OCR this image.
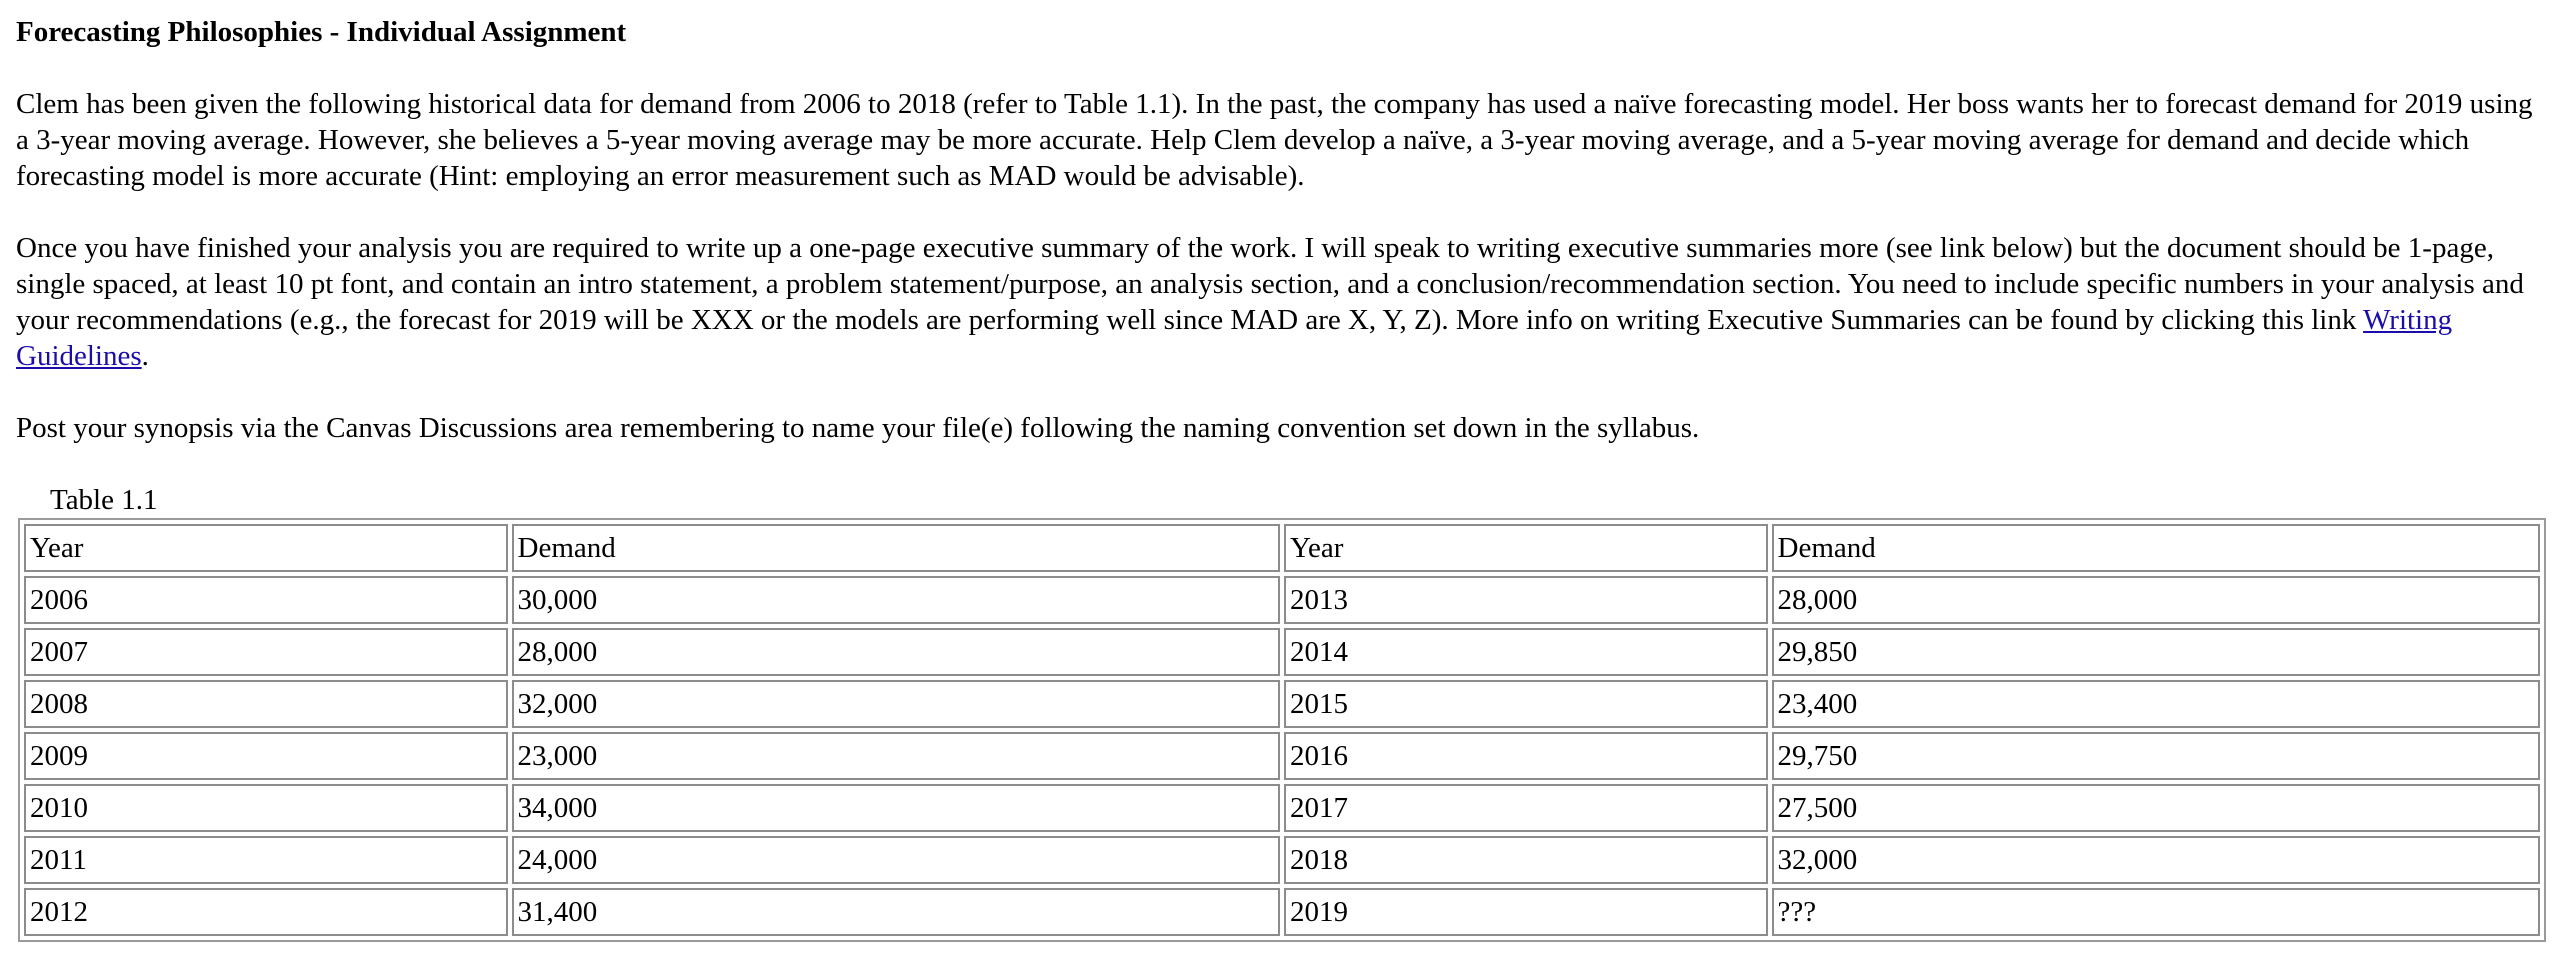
Forecasting Philosophies - Individual Assignment

Clem has been given the following historical data for demand from 2006 to 2018 (refer to Table 1.1). In the past, the company has used a naïve forecasting model. Her boss wants her to forecast demand for 2019 using a 3-year moving average. However, she believes a 5-year moving average may be more accurate. Help Clem develop a naïve, a 3-year moving average, and a 5-year moving average for demand and decide which forecasting model is more accurate (Hint: employing an error measurement such as MAD would be advisable).

Once you have finished your analysis you are required to write up a one-page executive summary of the work. I will speak to writing executive summaries more (see link below) but the document should be 1-page, single spaced, at least 10 pt font, and contain an intro statement, a problem statement/purpose, an analysis section, and a conclusion/recommendation section. You need to include specific numbers in your analysis and your recommendations (e.g., the forecast for 2019 will be XXX or the models are performing well since MAD are X, Y, Z). More info on writing Executive Summaries can be found by clicking this link Writing Guidelines.

Post your synopsis via the Canvas Discussions area remembering to name your file(e) following the naming convention set down in the syllabus.

Table 1.1
Year	Demand	Year	Demand
2006	30,000	2013	28,000
2007	28,000	2014	29,850
2008	32,000	2015	23,400
2009	23,000	2016	29,750
2010	34,000	2017	27,500
2011	24,000	2018	32,000
2012	31,400	2019	???
